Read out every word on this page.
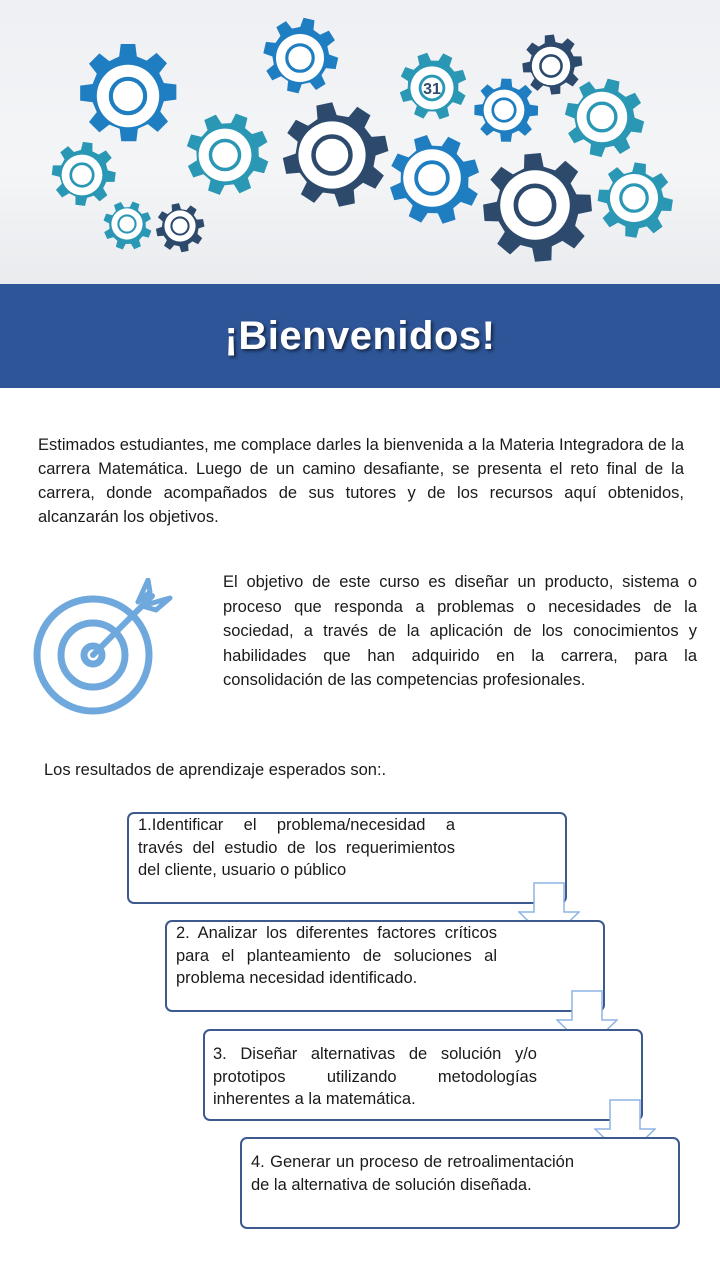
31
¡Bienvenidos!

Estimados estudiantes, me complace darles la bienvenida a la Materia Integradora de la carrera Matemática. Luego de un camino desafiante, se presenta el reto final de la carrera, donde acompañados de sus tutores y de los recursos aquí obtenidos, alcanzarán los objetivos.

El objetivo de este curso es diseñar un producto, sistema o proceso que responda a problemas o necesidades de la sociedad, a través de la aplicación de los conocimientos y habilidades que han adquirido en la carrera, para la consolidación de las competencias profesionales.

Los resultados de aprendizaje esperados son:.

1.Identificar el problema/necesidad a través del estudio de los requerimientos del cliente, usuario o público

2. Analizar los diferentes factores críticos para el planteamiento de soluciones al problema necesidad identificado.

3. Diseñar alternativas de solución y/o prototipos utilizando metodologías inherentes a la matemática.

4. Generar un proceso de retroalimentación de la alternativa de solución diseñada.
